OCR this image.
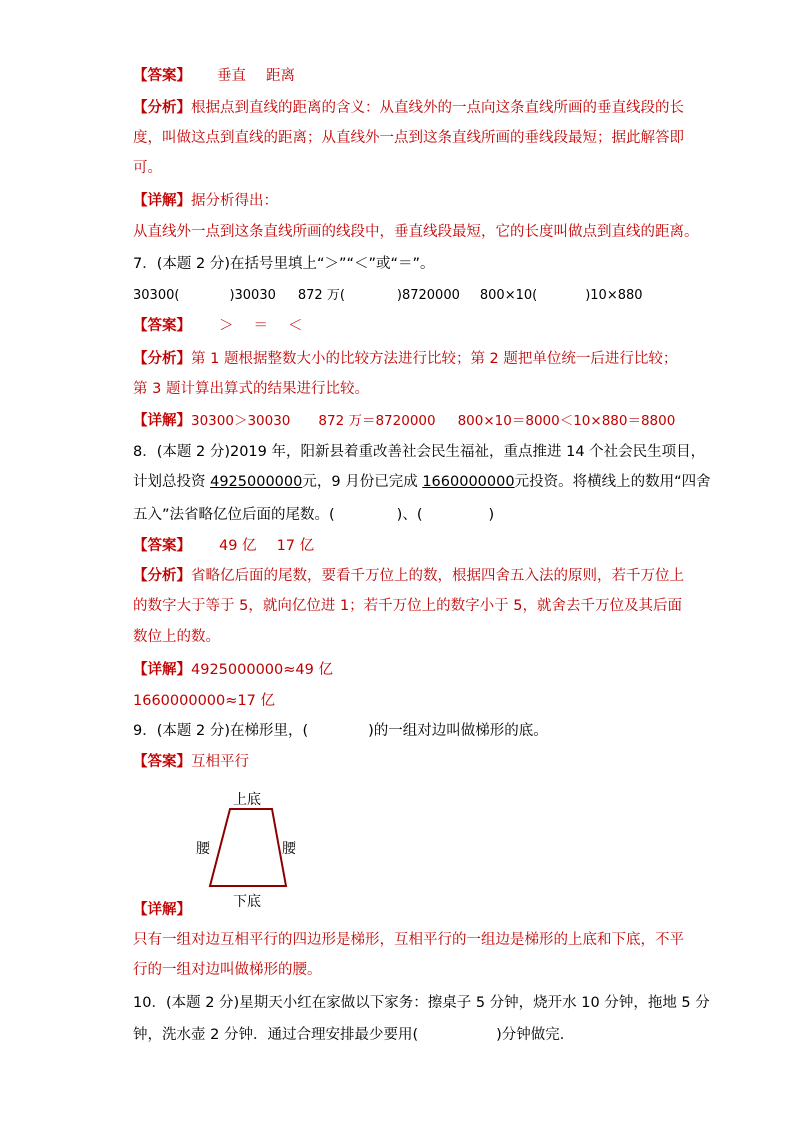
【答案】 垂直 距离
【分析】根据点到直线的距离的含义：从直线外的一点向这条直线所画的垂直线段的长
度，叫做这点到直线的距离；从直线外一点到这条直线所画的垂线段最短；据此解答即
可。
【详解】据分析得出：
从直线外一点到这条直线所画的线段中，垂直线段最短，它的长度叫做点到直线的距离。
7．(本题 2 分)在括号里填上“＞”“＜”或“＝”。
30300(	)30030 872 万(	)8720000 800×10(	)10×880
【答案】 ＞ ＝ ＜
【分析】第 1 题根据整数大小的比较方法进行比较；第 2 题把单位统一后进行比较；
第 3 题计算出算式的结果进行比较。
【详解】30300＞30030 872 万＝8720000 800×10＝8000＜10×880＝8800
8．(本题 2 分)2019 年，阳新县着重改善社会民生福祉，重点推进 14 个社会民生项目，
计划总投资 4925000000元，9 月份已完成 1660000000元投资。将横线上的数用“四舍
五入”法省略亿位后面的尾数。(	)、(	)
【答案】 49 亿 17 亿
【分析】省略亿后面的尾数，要看千万位上的数，根据四舍五入法的原则，若千万位上
的数字大于等于 5，就向亿位进 1；若千万位上的数字小于 5，就舍去千万位及其后面
数位上的数。
【详解】4925000000≈49 亿
1660000000≈17 亿
9．(本题 2 分)在梯形里，(	)的一组对边叫做梯形的底。
【答案】互相平行
上底
腰	腰
下底
【详解】
只有一组对边互相平行的四边形是梯形，互相平行的一组边是梯形的上底和下底，不平
行的一组对边叫做梯形的腰。
10．(本题 2 分)星期天小红在家做以下家务：擦桌子 5 分钟，烧开水 10 分钟，拖地 5 分
钟，洗水壶 2 分钟．通过合理安排最少要用(	)分钟做完．
